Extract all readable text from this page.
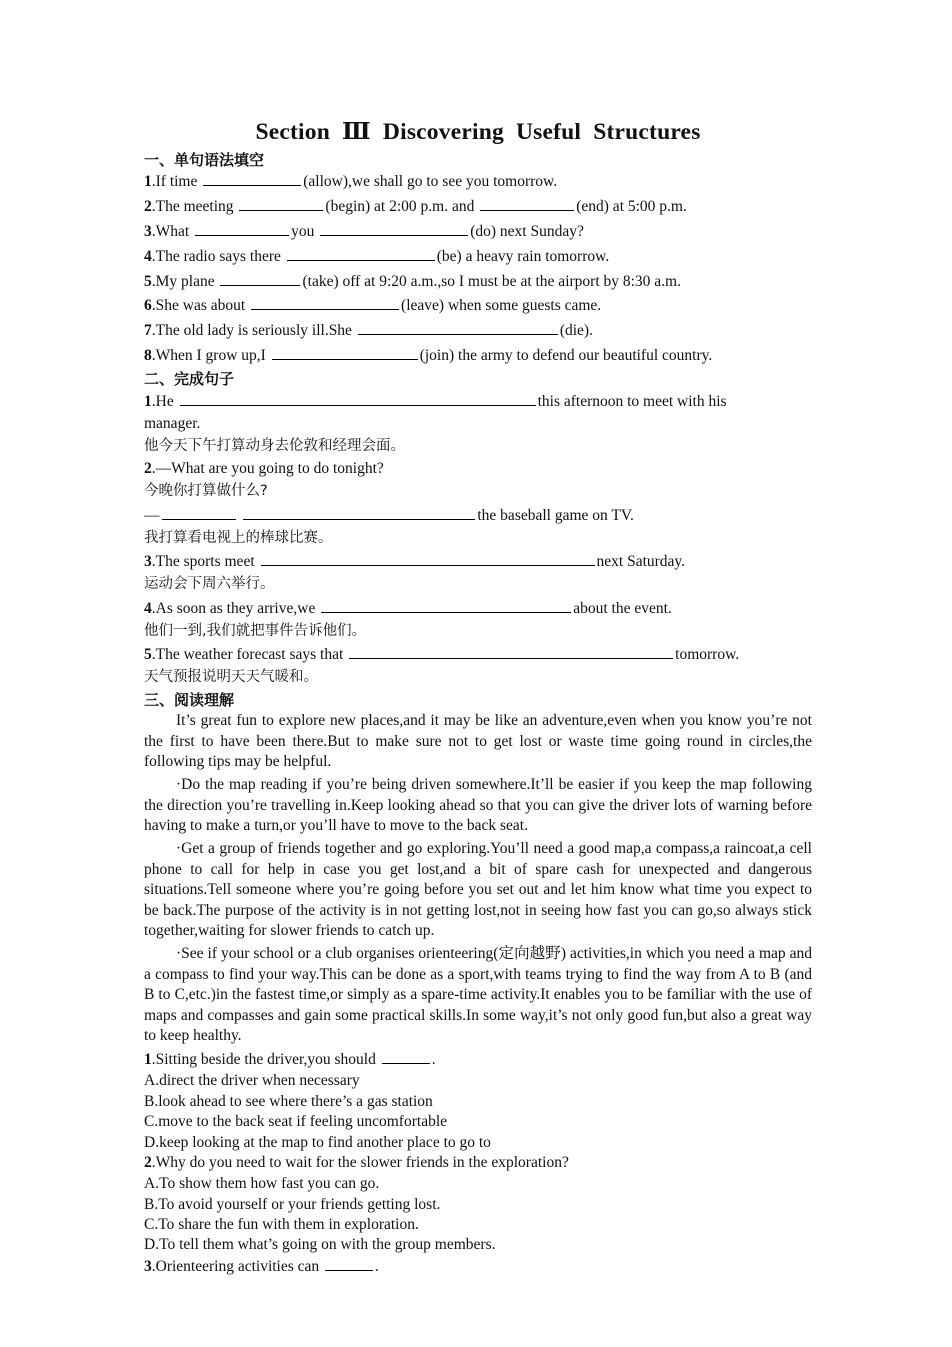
Section Ⅲ Discovering Useful Structures
一、单句语法填空
1.If time	(allow),we shall go to see you tomorrow.
2.The meeting	(begin) at 2:00 p.m. and	(end) at 5:00 p.m.
3.What	you	(do) next Sunday?
4.The radio says there	(be) a heavy rain tomorrow.
5.My plane	(take) off at 9:20 a.m.,so I must be at the airport by 8:30 a.m.
6.She was about	(leave) when some guests came.
7.The old lady is seriously ill.She	(die).
8.When I grow up,I	(join) the army to defend our beautiful country.
二、完成句子
1.He	this afternoon to meet with his
manager.
他今天下午打算动身去伦敦和经理会面。
2.—What are you going to do tonight?
今晚你打算做什么?
—	the baseball game on TV.
我打算看电视上的棒球比赛。
3.The sports meet	next Saturday.
运动会下周六举行。
4.As soon as they arrive,we	about the event.
他们一到,我们就把事件告诉他们。
5.The weather forecast says that	tomorrow.
天气预报说明天天气暖和。
三、阅读理解
It’s great fun to explore new places,and it may be like an adventure,even when you know you’re not the first to have been there.But to make sure not to get lost or waste time going round in circles,the following tips may be helpful.
·Do the map reading if you’re being driven somewhere.It’ll be easier if you keep the map following the direction you’re travelling in.Keep looking ahead so that you can give the driver lots of warning before having to make a turn,or you’ll have to move to the back seat.
·Get a group of friends together and go exploring.You’ll need a good map,a compass,a raincoat,a cell phone to call for help in case you get lost,and a bit of spare cash for unexpected and dangerous situations.Tell someone where you’re going before you set out and let him know what time you expect to be back.The purpose of the activity is in not getting lost,not in seeing how fast you can go,so always stick together,waiting for slower friends to catch up.
·See if your school or a club organises orienteering(定向越野) activities,in which you need a map and a compass to find your way.This can be done as a sport,with teams trying to find the way from A to B (and B to C,etc.)in the fastest time,or simply as a spare-time activity.It enables you to be familiar with the use of maps and compasses and gain some practical skills.In some way,it’s not only good fun,but also a great way to keep healthy.
1.Sitting beside the driver,you should	.
A.direct the driver when necessary
B.look ahead to see where there’s a gas station
C.move to the back seat if feeling uncomfortable
D.keep looking at the map to find another place to go to
2.Why do you need to wait for the slower friends in the exploration?
A.To show them how fast you can go.
B.To avoid yourself or your friends getting lost.
C.To share the fun with them in exploration.
D.To tell them what’s going on with the group members.
3.Orienteering activities can	.
